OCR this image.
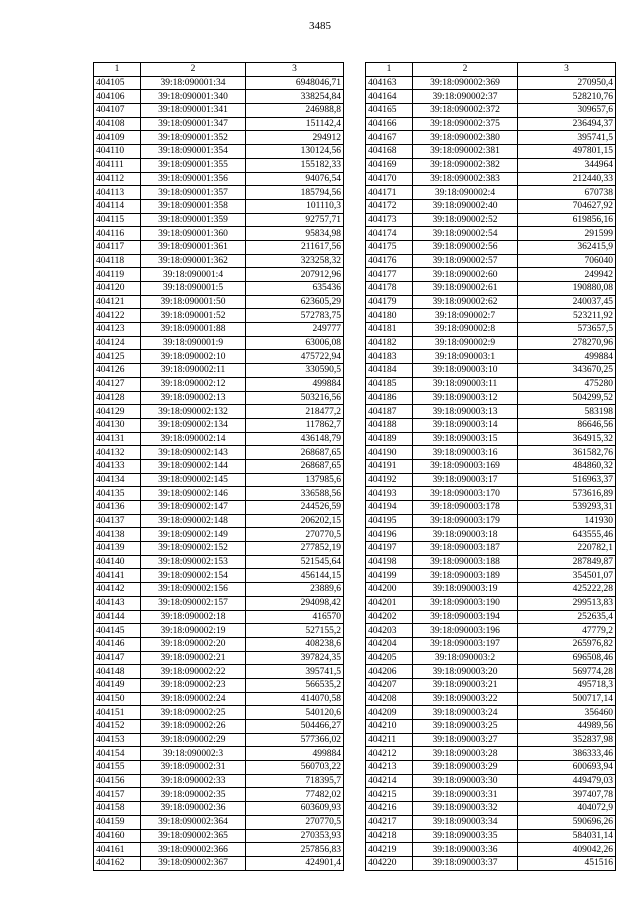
3485
1	2	3
404105	39:18:090001:34	6948046,71
404106	39:18:090001:340	338254,84
404107	39:18:090001:341	246988,8
404108	39:18:090001:347	151142,4
404109	39:18:090001:352	294912
404110	39:18:090001:354	130124,56
404111	39:18:090001:355	155182,33
404112	39:18:090001:356	94076,54
404113	39:18:090001:357	185794,56
404114	39:18:090001:358	101110,3
404115	39:18:090001:359	92757,71
404116	39:18:090001:360	95834,98
404117	39:18:090001:361	211617,56
404118	39:18:090001:362	323258,32
404119	39:18:090001:4	207912,96
404120	39:18:090001:5	635436
404121	39:18:090001:50	623605,29
404122	39:18:090001:52	572783,75
404123	39:18:090001:88	249777
404124	39:18:090001:9	63006,08
404125	39:18:090002:10	475722,94
404126	39:18:090002:11	330590,5
404127	39:18:090002:12	499884
404128	39:18:090002:13	503216,56
404129	39:18:090002:132	218477,2
404130	39:18:090002:134	117862,7
404131	39:18:090002:14	436148,79
404132	39:18:090002:143	268687,65
404133	39:18:090002:144	268687,65
404134	39:18:090002:145	137985,6
404135	39:18:090002:146	336588,56
404136	39:18:090002:147	244526,59
404137	39:18:090002:148	206202,15
404138	39:18:090002:149	270770,5
404139	39:18:090002:152	277852,19
404140	39:18:090002:153	521545,64
404141	39:18:090002:154	456144,15
404142	39:18:090002:156	23889,6
404143	39:18:090002:157	294098,42
404144	39:18:090002:18	416570
404145	39:18:090002:19	527155,2
404146	39:18:090002:20	408238,6
404147	39:18:090002:21	397824,35
404148	39:18:090002:22	395741,5
404149	39:18:090002:23	566535,2
404150	39:18:090002:24	414070,58
404151	39:18:090002:25	540120,6
404152	39:18:090002:26	504466,27
404153	39:18:090002:29	577366,02
404154	39:18:090002:3	499884
404155	39:18:090002:31	560703,22
404156	39:18:090002:33	718395,7
404157	39:18:090002:35	77482,02
404158	39:18:090002:36	603609,93
404159	39:18:090002:364	270770,5
404160	39:18:090002:365	270353,93
404161	39:18:090002:366	257856,83
404162	39:18:090002:367	424901,4
1	2	3
404163	39:18:090002:369	270950,4
404164	39:18:090002:37	528210,76
404165	39:18:090002:372	309657,6
404166	39:18:090002:375	236494,37
404167	39:18:090002:380	395741,5
404168	39:18:090002:381	497801,15
404169	39:18:090002:382	344964
404170	39:18:090002:383	212440,33
404171	39:18:090002:4	670738
404172	39:18:090002:40	704627,92
404173	39:18:090002:52	619856,16
404174	39:18:090002:54	291599
404175	39:18:090002:56	362415,9
404176	39:18:090002:57	706040
404177	39:18:090002:60	249942
404178	39:18:090002:61	190880,08
404179	39:18:090002:62	240037,45
404180	39:18:090002:7	523211,92
404181	39:18:090002:8	573657,5
404182	39:18:090002:9	278270,96
404183	39:18:090003:1	499884
404184	39:18:090003:10	343670,25
404185	39:18:090003:11	475280
404186	39:18:090003:12	504299,52
404187	39:18:090003:13	583198
404188	39:18:090003:14	86646,56
404189	39:18:090003:15	364915,32
404190	39:18:090003:16	361582,76
404191	39:18:090003:169	484860,32
404192	39:18:090003:17	516963,37
404193	39:18:090003:170	573616,89
404194	39:18:090003:178	539293,31
404195	39:18:090003:179	141930
404196	39:18:090003:18	643555,46
404197	39:18:090003:187	220782,1
404198	39:18:090003:188	287849,87
404199	39:18:090003:189	354501,07
404200	39:18:090003:19	425222,28
404201	39:18:090003:190	299513,83
404202	39:18:090003:194	252635,4
404203	39:18:090003:196	47779,2
404204	39:18:090003:197	265976,82
404205	39:18:090003:2	696508,46
404206	39:18:090003:20	569774,28
404207	39:18:090003:21	495718,3
404208	39:18:090003:22	500717,14
404209	39:18:090003:24	356460
404210	39:18:090003:25	44989,56
404211	39:18:090003:27	352837,98
404212	39:18:090003:28	386333,46
404213	39:18:090003:29	600693,94
404214	39:18:090003:30	449479,03
404215	39:18:090003:31	397407,78
404216	39:18:090003:32	404072,9
404217	39:18:090003:34	590696,26
404218	39:18:090003:35	584031,14
404219	39:18:090003:36	409042,26
404220	39:18:090003:37	451516
